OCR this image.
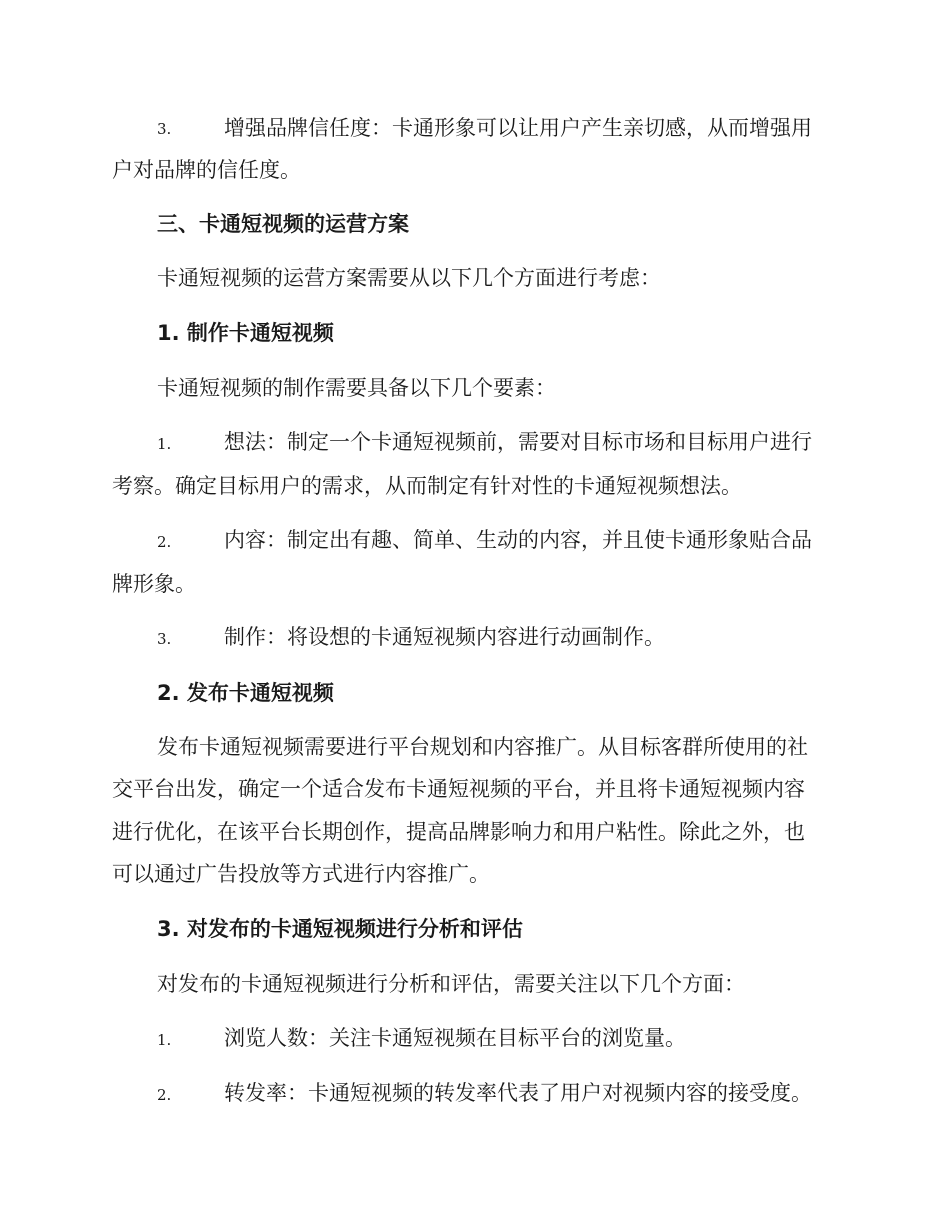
3.	增强品牌信任度：卡通形象可以让用户产生亲切感，从而增强用
户对品牌的信任度。
三、卡通短视频的运营方案
卡通短视频的运营方案需要从以下几个方面进行考虑：
1. 制作卡通短视频
卡通短视频的制作需要具备以下几个要素：
1.	想法：制定一个卡通短视频前，需要对目标市场和目标用户进行
考察。确定目标用户的需求，从而制定有针对性的卡通短视频想法。
2.	内容：制定出有趣、简单、生动的内容，并且使卡通形象贴合品
牌形象。
3.	制作：将设想的卡通短视频内容进行动画制作。
2. 发布卡通短视频
发布卡通短视频需要进行平台规划和内容推广。从目标客群所使用的社
交平台出发，确定一个适合发布卡通短视频的平台，并且将卡通短视频内容
进行优化，在该平台长期创作，提高品牌影响力和用户粘性。除此之外，也
可以通过广告投放等方式进行内容推广。
3. 对发布的卡通短视频进行分析和评估
对发布的卡通短视频进行分析和评估，需要关注以下几个方面：
1.	浏览人数：关注卡通短视频在目标平台的浏览量。
2.	转发率：卡通短视频的转发率代表了用户对视频内容的接受度。
